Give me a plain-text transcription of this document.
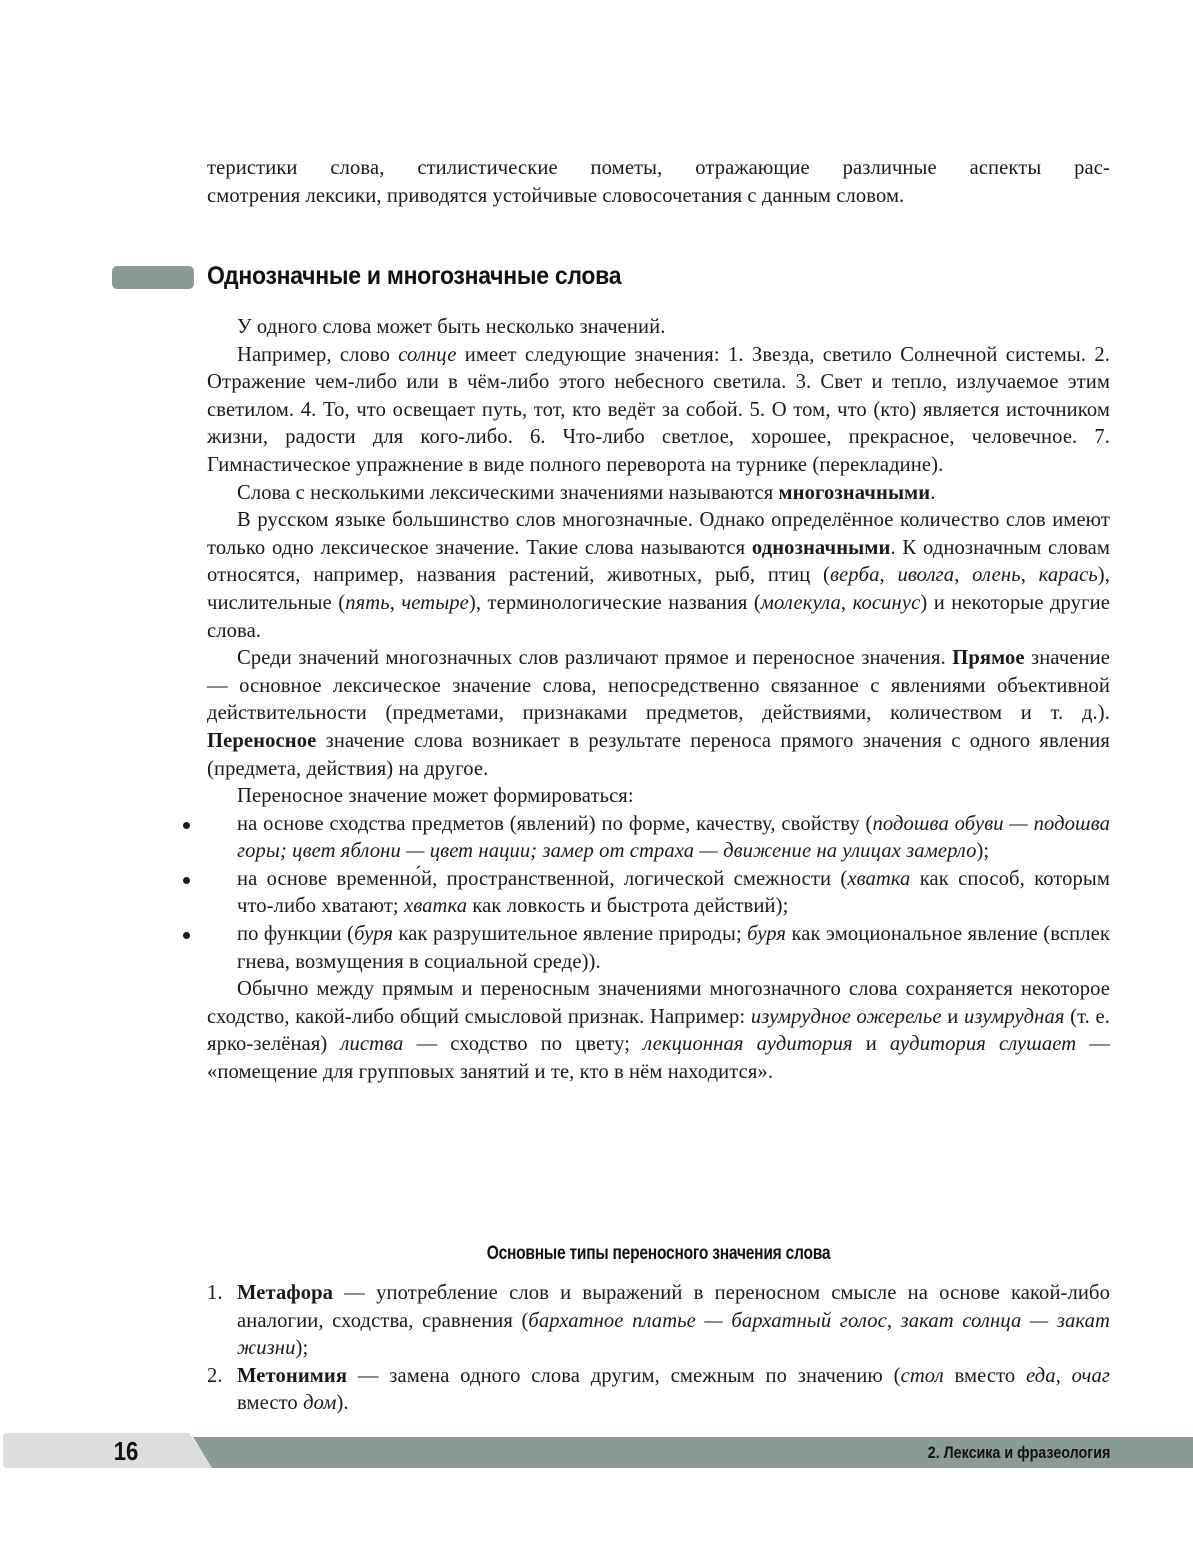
теристики слова, стилистические пометы, отражающие различные аспекты рас-

смотрения лексики, приводятся устойчивые словосочетания с данным словом.

Однозначные и многозначные слова

У одного слова может быть несколько значений.

Например, слово солнце имеет следующие значения: 1. Звезда, светило Солнечной системы. 2. Отражение чем-либо или в чём-либо этого небесного светила. 3. Свет и тепло, излучаемое этим светилом. 4. То, что освещает путь, тот, кто ведёт за собой. 5. О том, что (кто) является источником жизни, радости для кого-либо. 6. Что-либо светлое, хорошее, прекрасное, человечное. 7. Гимнастическое упражнение в виде полного переворота на турнике (перекладине).

Слова с несколькими лексическими значениями называются многозначными.

В русском языке большинство слов многозначные. Однако определённое количество слов имеют только одно лексическое значение. Такие слова называются однозначными. К однозначным словам относятся, например, названия растений, животных, рыб, птиц (верба, иволга, олень, карась), числительные (пять, четыре), терминологические названия (молекула, косинус) и некоторые другие слова.

Среди значений многозначных слов различают прямое и переносное значения. Прямое значение — основное лексическое значение слова, непосредственно связанное с явлениями объективной действительности (предметами, признаками предметов, действиями, количеством и т. д.). Переносное значение слова возникает в результате переноса прямого значения с одного явления (предмета, действия) на другое.

Переносное значение может формироваться:

на основе сходства предметов (явлений) по форме, качеству, свойству (подошва обуви — подошва горы; цвет яблони — цвет нации; замер от страха — движение на улицах замерло);
на основе временно́й, пространственной, логической смежности (хватка как способ, которым что-либо хватают; хватка как ловкость и быстрота действий);
по функции (буря как разрушительное явление природы; буря как эмоциональное явление (всплек гнева, возмущения в социальной среде)).

Обычно между прямым и переносным значениями многозначного слова сохраняется некоторое сходство, какой-либо общий смысловой признак. Например: изумрудное ожерелье и изумрудная (т. е. ярко-зелёная) листва — сходство по цвету; лекционная аудитория и аудитория слушает — «помещение для групповых занятий и те, кто в нём находится».

Основные типы переносного значения слова
1. Метафора — употребление слов и выражений в переносном смысле на основе какой-либо аналогии, сходства, сравнения (бархатное платье — бархатный голос, закат солнца — закат жизни);
2. Метонимия — замена одного слова другим, смежным по значению (стол вместо еда, очаг вместо дом).
16	2. Лексика и фразеология
